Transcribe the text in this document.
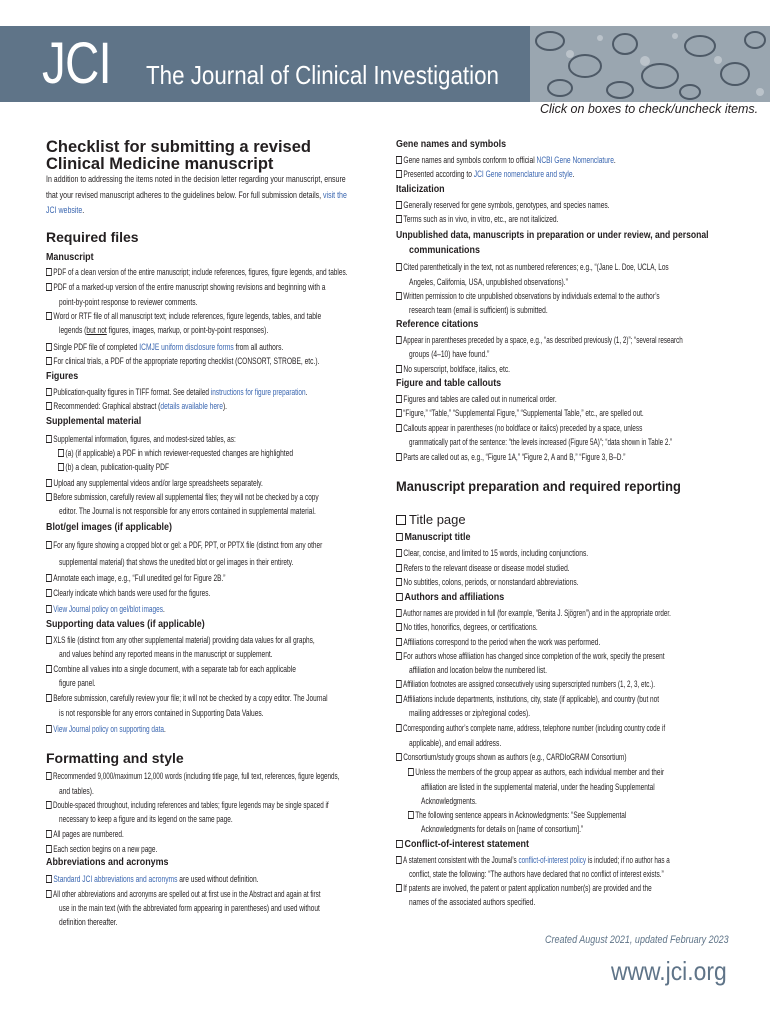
JCI The Journal of Clinical Investigation
Click on boxes to check/uncheck items.
Checklist for submitting a revised
Clinical Medicine manuscript
In addition to addressing the items noted in the decision letter regarding your manuscript, ensure
that your revised manuscript adheres to the guidelines below. For full submission details, visit the
JCI website.
Required files
Manuscript
PDF of a clean version of the entire manuscript; include references, figures, figure legends, and tables.
PDF of a marked-up version of the entire manuscript showing revisions and beginning with a
point-by-point response to reviewer comments.
Word or RTF file of all manuscript text; include references, figure legends, tables, and table
legends (but not figures, images, markup, or point-by-point responses).
Single PDF file of completed ICMJE uniform disclosure forms from all authors.
For clinical trials, a PDF of the appropriate reporting checklist (CONSORT, STROBE, etc.).
Figures
Publication-quality figures in TIFF format. See detailed instructions for figure preparation.
Recommended: Graphical abstract (details available here).
Supplemental material
Supplemental information, figures, and modest-sized tables, as:
(a) (if applicable) a PDF in which reviewer-requested changes are highlighted
(b) a clean, publication-quality PDF
Upload any supplemental videos and/or large spreadsheets separately.
Before submission, carefully review all supplemental files; they will not be checked by a copy
editor. The Journal is not responsible for any errors contained in supplemental material.
Blot/gel images (if applicable)
For any figure showing a cropped blot or gel: a PDF, PPT, or PPTX file (distinct from any other
supplemental material) that shows the unedited blot or gel images in their entirety.
Annotate each image, e.g., “Full unedited gel for Figure 2B.”
Clearly indicate which bands were used for the figures.
View Journal policy on gel/blot images.
Supporting data values (if applicable)
XLS file (distinct from any other supplemental material) providing data values for all graphs,
and values behind any reported means in the manuscript or supplement.
Combine all values into a single document, with a separate tab for each applicable
figure panel.
Before submission, carefully review your file; it will not be checked by a copy editor. The Journal
is not responsible for any errors contained in Supporting Data Values.
View Journal policy on supporting data.
Formatting and style
Recommended 9,000/maximum 12,000 words (including title page, full text, references, figure legends,
and tables).
Double-spaced throughout, including references and tables; figure legends may be single spaced if
necessary to keep a figure and its legend on the same page.
All pages are numbered.
Each section begins on a new page.
Abbreviations and acronyms
Standard JCI abbreviations and acronyms are used without definition.
All other abbreviations and acronyms are spelled out at first use in the Abstract and again at first
use in the main text (with the abbreviated form appearing in parentheses) and used without
definition thereafter.
Gene names and symbols
Gene names and symbols conform to official NCBI Gene Nomenclature.
Presented according to JCI Gene nomenclature and style.
Italicization
Generally reserved for gene symbols, genotypes, and species names.
Terms such as in vivo, in vitro, etc., are not italicized.
Unpublished data, manuscripts in preparation or under review, and personal
communications
Cited parenthetically in the text, not as numbered references; e.g., “(Jane L. Doe, UCLA, Los
Angeles, California, USA, unpublished observations).”
Written permission to cite unpublished observations by individuals external to the author’s
research team (email is sufficient) is submitted.
Reference citations
Appear in parentheses preceded by a space, e.g., “as described previously (1, 2)”; “several research
groups (4–10) have found.”
No superscript, boldface, italics, etc.
Figure and table callouts
Figures and tables are called out in numerical order.
“Figure,” “Table,” “Supplemental Figure,” “Supplemental Table,” etc., are spelled out.
Callouts appear in parentheses (no boldface or italics) preceded by a space, unless
grammatically part of the sentence: “the levels increased (Figure 5A)”; “data shown in Table 2.”
Parts are called out as, e.g., “Figure 1A,” “Figure 2, A and B,” “Figure 3, B–D.”
Manuscript preparation and required reporting
Title page
Manuscript title
Clear, concise, and limited to 15 words, including conjunctions.
Refers to the relevant disease or disease model studied.
No subtitles, colons, periods, or nonstandard abbreviations.
Authors and affiliations
Author names are provided in full (for example, “Benita J. Sjögren”) and in the appropriate order.
No titles, honorifics, degrees, or certifications.
Affiliations correspond to the period when the work was performed.
For authors whose affiliation has changed since completion of the work, specify the present
affiliation and location below the numbered list.
Affiliation footnotes are assigned consecutively using superscripted numbers (1, 2, 3, etc.).
Affiliations include departments, institutions, city, state (if applicable), and country (but not
mailing addresses or zip/regional codes).
Corresponding author’s complete name, address, telephone number (including country code if
applicable), and email address.
Consortium/study groups shown as authors (e.g., CARDIoGRAM Consortium)
Unless the members of the group appear as authors, each individual member and their
affiliation are listed in the supplemental material, under the heading Supplemental
Acknowledgments.
The following sentence appears in Acknowledgments: “See Supplemental
Acknowledgments for details on [name of consortium].”
Conflict-of-interest statement
A statement consistent with the Journal’s conflict-of-interest policy is included; if no author has a
conflict, state the following: “The authors have declared that no conflict of interest exists.”
If patents are involved, the patent or patent application number(s) are provided and the
names of the associated authors specified.
Created August 2021, updated February 2023
www.jci.org
